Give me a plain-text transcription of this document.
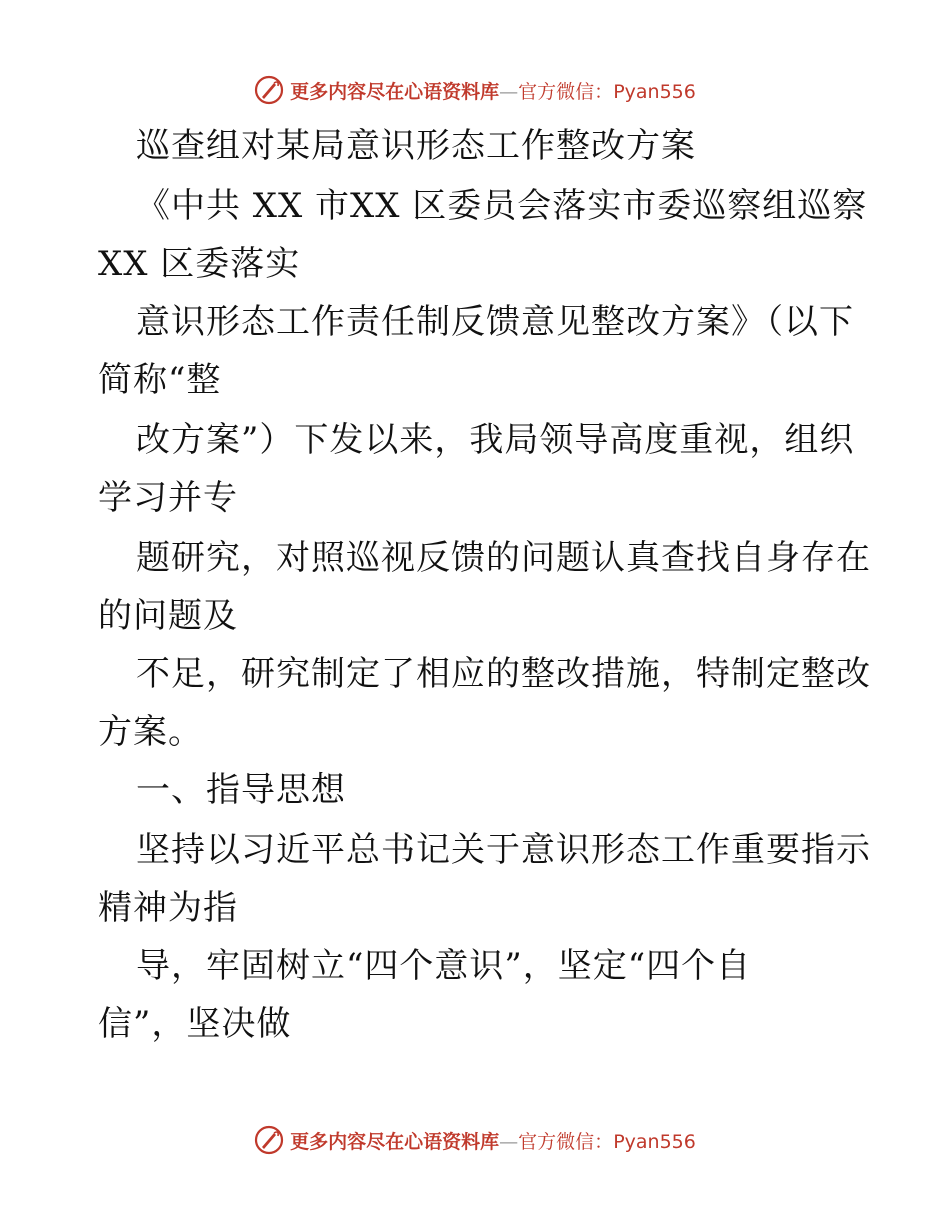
更多内容尽在心语资料库—官方微信：Pyan556
巡查组对某局意识形态工作整改方案
《中共 XX 市XX 区委员会落实市委巡察组巡察
XX 区委落实
意识形态工作责任制反馈意见整改方案》（以下
简称“整
改方案”）下发以来，我局领导高度重视，组织
学习并专
题研究，对照巡视反馈的问题认真查找自身存在
的问题及
不足，研究制定了相应的整改措施，特制定整改
方案。
一、指导思想
坚持以习近平总书记关于意识形态工作重要指示
精神为指
导，牢固树立“四个意识”，坚定“四个自
信”，坚决做
更多内容尽在心语资料库—官方微信：Pyan556
